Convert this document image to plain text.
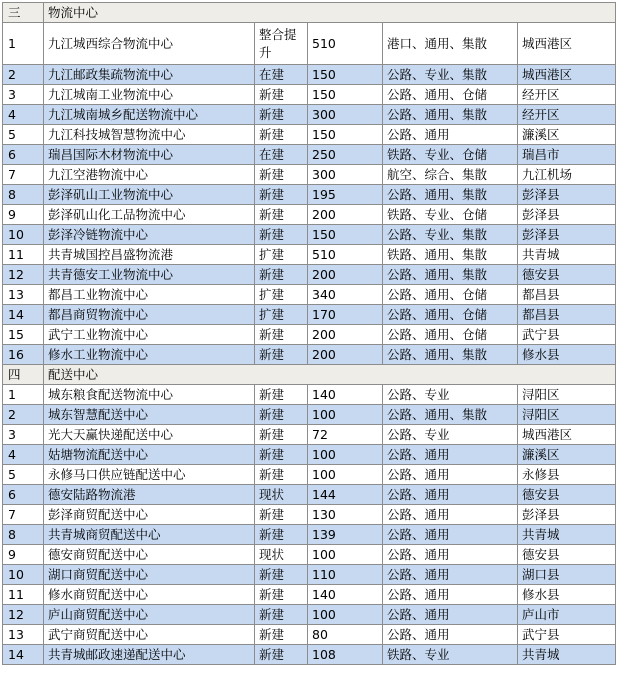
三	物流中心				
1	九江城西综合物流中心	整合提升	510	港口、通用、集散	城西港区
2	九江邮政集疏物流中心	在建	150	公路、专业、集散	城西港区
3	九江城南工业物流中心	新建	150	公路、通用、仓储	经开区
4	九江城南城乡配送物流中心	新建	300	公路、通用、集散	经开区
5	九江科技城智慧物流中心	新建	150	公路、通用	濂溪区
6	瑞昌国际木材物流中心	在建	250	铁路、专业、仓储	瑞昌市
7	九江空港物流中心	新建	300	航空、综合、集散	九江机场
8	彭泽矶山工业物流中心	新建	195	公路、通用、集散	彭泽县
9	彭泽矶山化工品物流中心	新建	200	铁路、专业、仓储	彭泽县
10	彭泽冷链物流中心	新建	150	公路、专业、集散	彭泽县
11	共青城国控昌盛物流港	扩建	510	铁路、通用、集散	共青城
12	共青德安工业物流中心	新建	200	公路、通用、集散	德安县
13	都昌工业物流中心	扩建	340	公路、通用、仓储	都昌县
14	都昌商贸物流中心	扩建	170	公路、通用、仓储	都昌县
15	武宁工业物流中心	新建	200	公路、通用、仓储	武宁县
16	修水工业物流中心	新建	200	公路、通用、集散	修水县
四	配送中心				
1	城东粮食配送物流中心	新建	140	公路、专业	浔阳区
2	城东智慧配送中心	新建	100	公路、通用、集散	浔阳区
3	光大天赢快递配送中心	新建	72	公路、专业	城西港区
4	姑塘物流配送中心	新建	100	公路、通用	濂溪区
5	永修马口供应链配送中心	新建	100	公路、通用	永修县
6	德安陆路物流港	现状	144	公路、通用	德安县
7	彭泽商贸配送中心	新建	130	公路、通用	彭泽县
8	共青城商贸配送中心	新建	139	公路、通用	共青城
9	德安商贸配送中心	现状	100	公路、通用	德安县
10	湖口商贸配送中心	新建	110	公路、通用	湖口县
11	修水商贸配送中心	新建	140	公路、通用	修水县
12	庐山商贸配送中心	新建	100	公路、通用	庐山市
13	武宁商贸配送中心	新建	80	公路、通用	武宁县
14	共青城邮政速递配送中心	新建	108	铁路、专业	共青城
